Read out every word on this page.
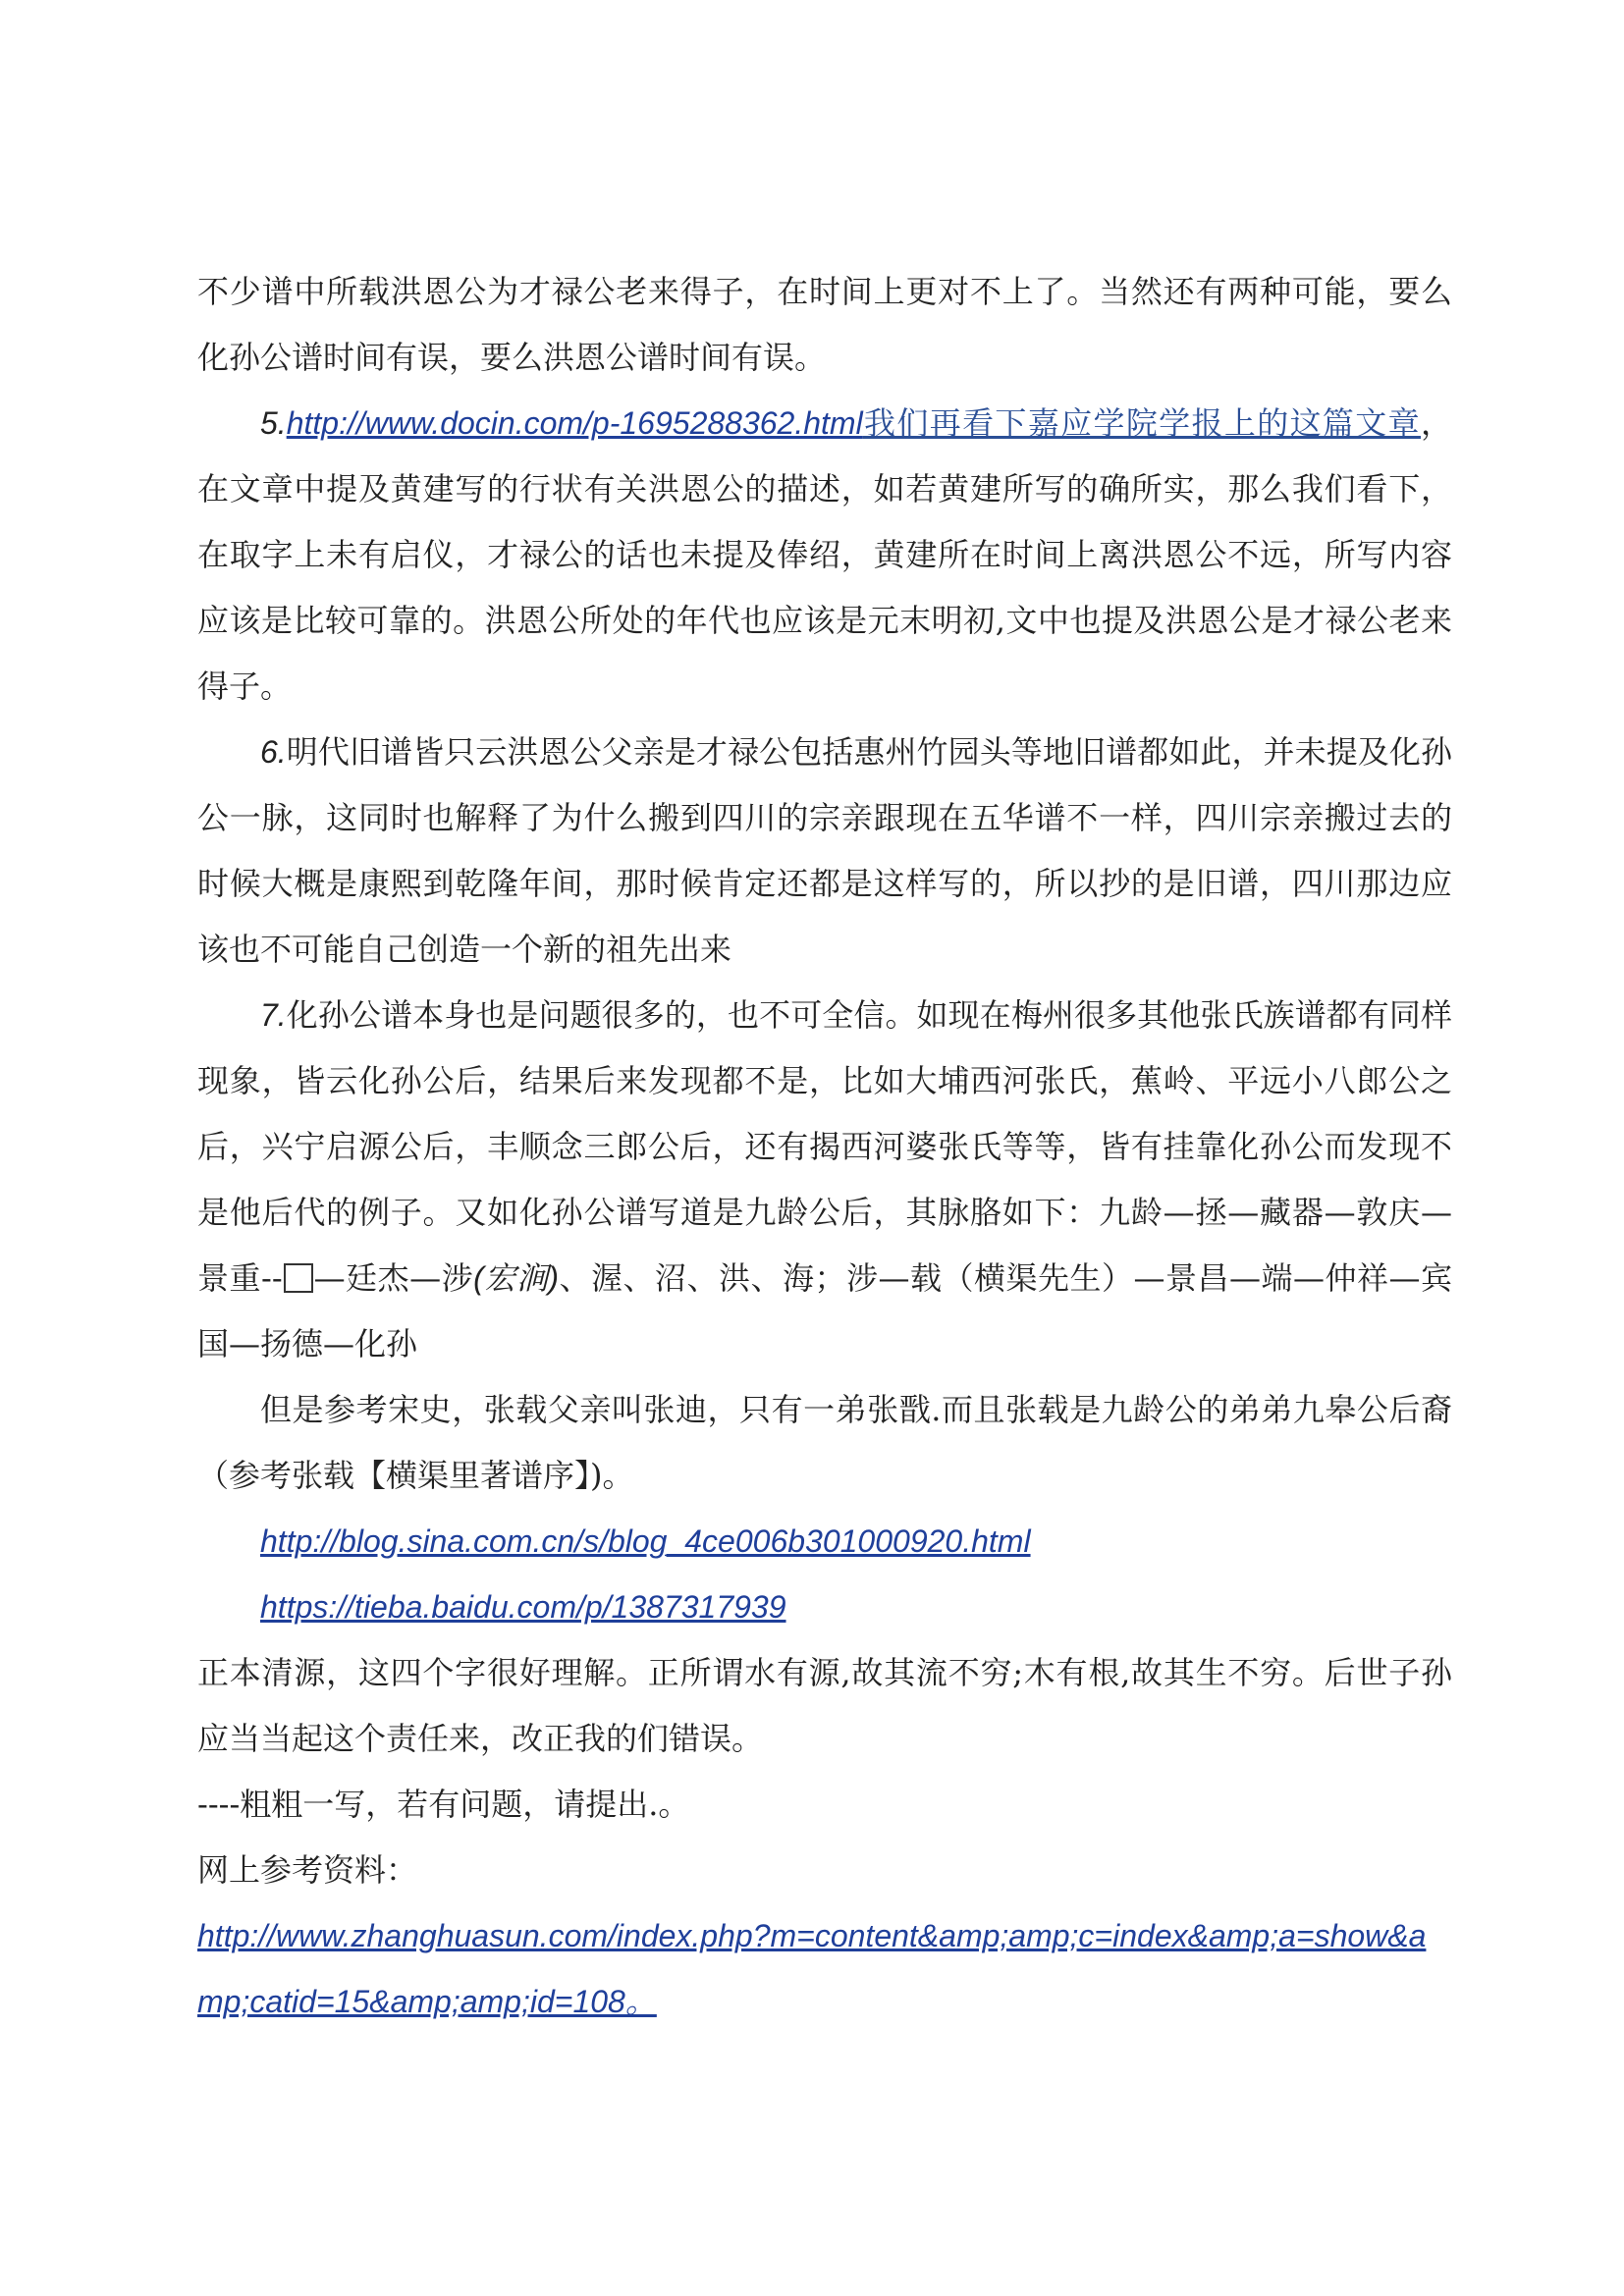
不少谱中所载洪恩公为才禄公老来得子，在时间上更对不上了。当然还有两种可能，要么化孙公谱时间有误，要么洪恩公谱时间有误。

5.http://www.docin.com/p-1695288362.html我们再看下嘉应学院学报上的这篇文章，在文章中提及黄建写的行状有关洪恩公的描述，如若黄建所写的确所实，那么我们看下，在取字上未有启仪，才禄公的话也未提及俸绍，黄建所在时间上离洪恩公不远，所写内容应该是比较可靠的。洪恩公所处的年代也应该是元末明初,文中也提及洪恩公是才禄公老来得子。

6.明代旧谱皆只云洪恩公父亲是才禄公包括惠州竹园头等地旧谱都如此，并未提及化孙公一脉，这同时也解释了为什么搬到四川的宗亲跟现在五华谱不一样，四川宗亲搬过去的时候大概是康熙到乾隆年间，那时候肯定还都是这样写的，所以抄的是旧谱，四川那边应该也不可能自己创造一个新的祖先出来

7.化孙公谱本身也是问题很多的，也不可全信。如现在梅州很多其他张氏族谱都有同样现象，皆云化孙公后，结果后来发现都不是，比如大埔西河张氏，蕉岭、平远小八郎公之后，兴宁启源公后，丰顺念三郎公后，还有揭西河婆张氏等等，皆有挂靠化孙公而发现不是他后代的例子。又如化孙公谱写道是九龄公后，其脉胳如下：九龄—拯—藏器—敦庆—景重-- —廷杰—涉(宏涧)、渥、沼、洪、海；涉—载（横渠先生）—景昌—端—仲祥—宾国—扬德—化孙

但是参考宋史，张载父亲叫张迪，只有一弟张戬.而且张载是九龄公的弟弟九皋公后裔（参考张载【横渠里著谱序】)。

http://blog.sina.com.cn/s/blog_4ce006b301000920.html

https://tieba.baidu.com/p/1387317939

正本清源，这四个字很好理解。正所谓水有源,故其流不穷;木有根,故其生不穷。后世子孙应当当起这个责任来，改正我的们错误。

----粗粗一写，若有问题，请提出.。

网上参考资料：

http://www.zhanghuasun.com/index.php?m=content&amp;amp;c=index&amp;a=show&amp;catid=15&amp;amp;id=108。
